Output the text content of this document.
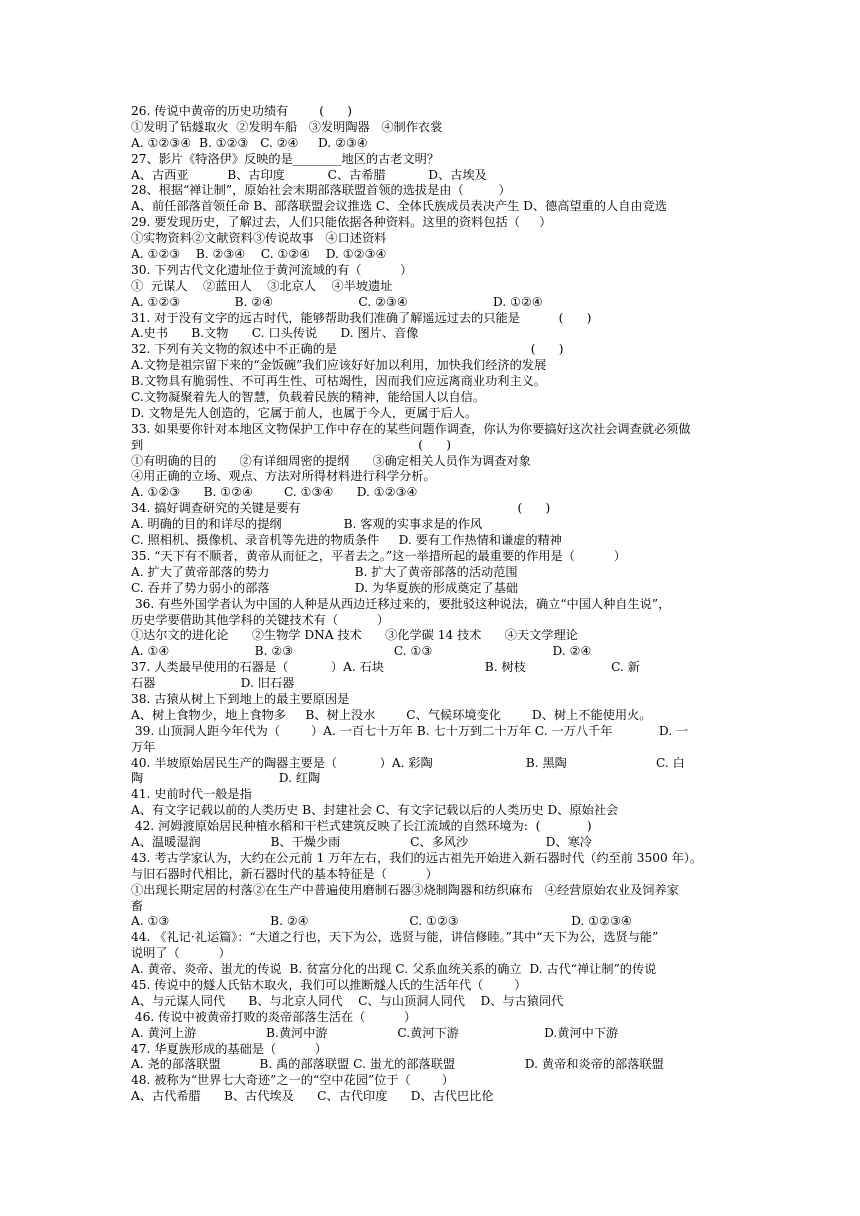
26. 传说中黄帝的历史功绩有        (      )
①发明了钻燧取火  ②发明车船   ③发明陶器   ④制作衣裳
A. ①②③④  B. ①②③   C. ②④     D. ②③④
27、影片《特洛伊》反映的是________地区的古老文明？
A、古西亚          B、古印度           C、古希腊           D、古埃及
28、根据“禅让制”，原始社会末期部落联盟首领的选拔是由（         ）
A、前任部落首领任命 B、部落联盟会议推选 C、全体氏族成员表决产生 D、德高望重的人自由竞选
29. 要发现历史，了解过去，人们只能依据各种资料。这里的资料包括（     ）
①实物资料②文献资料③传说故事   ④口述资料
A. ①②③    B. ②③④    C. ①②④    D. ①②③④
30. 下列古代文化遗址位于黄河流域的有（          ）
①  元谋人    ②蓝田人    ③北京人    ④半坡遗址
A. ①②③              B. ②④                      C. ②③④                      D. ①②④
31. 对于没有文字的远古时代，能够帮助我们准确了解遥远过去的只能是          (      )
A.史书      B.文物      C. 口头传说      D. 图片、音像
32. 下列有关文物的叙述中不正确的是                                                  (      )
A.文物是祖宗留下来的“金饭碗”我们应该好好加以利用，加快我们经济的发展
B.文物具有脆弱性、不可再生性、可枯竭性，因而我们应远离商业功利主义。
C.文物凝聚着先人的智慧，负载着民族的精神，能给国人以自信。
D. 文物是先人创造的，它属于前人，也属于今人，更属于后人。
33. 如果要你针对本地区文物保护工作中存在的某些问题作调查，你认为你要搞好这次社会调查就必须做
到                                                                       (      )
①有明确的目的      ②有详细周密的提纲      ③确定相关人员作为调查对象
④用正确的立场、观点、方法对所得材料进行科学分析。
A. ①②③      B. ①②④        C. ①③④      D. ①②③④
34. 搞好调查研究的关键是要有                                                        (      )
A. 明确的目的和详尽的提纲                B. 客观的实事求是的作风
C. 照相机、摄像机、录音机等先进的物质条件     D. 要有工作热情和谦虚的精神
35. “天下有不顺者，黄帝从而征之，平者去之。”这一举措所起的最重要的作用是（          ）
A. 扩大了黄帝部落的势力                      B. 扩大了黄帝部落的活动范围
C. 吞并了势力弱小的部落                      D. 为华夏族的形成奠定了基础
36. 有些外国学者认为中国的人种是从西边迁移过来的，要批驳这种说法，确立“中国人种自生说”，
历史学要借助其他学科的关键技术有（          ）
①达尔文的进化论      ②生物学 DNA 技术      ③化学碳 14 技术      ④天文学理论
A. ①④                      B. ②③                          C. ①③                               D. ②④
37. 人类最早使用的石器是（           ）A. 石块                          B. 树枝                      C. 新
石器                      D. 旧石器
38. 古猿从树上下到地上的最主要原因是
A、树上食物少，地上食物多     B、树上没水        C、气候环境变化        D、树上不能使用火。
39. 山顶洞人距今年代为（        ）A. 一百七十万年 B. 七十万到二十万年 C. 一万八千年            D. 一
万年
40. 半坡原始居民生产的陶器主要是（           ）A. 彩陶                        B. 黑陶                       C. 白
陶                                   D. 红陶
41. 史前时代一般是指
A、有文字记载以前的人类历史 B、封建社会 C、有文字记载以后的人类历史 D、原始社会
42. 河姆渡原始居民种植水稻和干栏式建筑反映了长江流域的自然环境为:  (            )
A、温暖湿润                  B、干燥少雨                  C、多风沙                    D、寒冷
43. 考古学家认为，大约在公元前 1 万年左右，我们的远古祖先开始进入新石器时代（约至前 3500 年）。
与旧石器时代相比，新石器时代的基本特征是（          ）
①出现长期定居的村落②在生产中普遍使用磨制石器③烧制陶器和纺织麻布   ④经营原始农业及饲养家
畜
A. ①③                          B. ②④                          C. ①②③                             D. ①②③④
44. 《礼记·礼运篇》：“大道之行也，天下为公，选贤与能，讲信修睦。”其中“天下为公，选贤与能”
说明了（          ）
A. 黄帝、炎帝、蚩尤的传说  B. 贫富分化的出现 C. 父系血统关系的确立  D. 古代“禅让制”的传说
45. 传说中的燧人氏钻木取火，我们可以推断燧人氏的生活年代（        ）
A、与元谋人同代      B、与北京人同代    C、与山顶洞人同代    D、与古猿同代
46. 传说中被黄帝打败的炎帝部落生活在（          ）
A. 黄河上游                  B.黄河中游                  C.黄河下游                      D.黄河中下游
47. 华夏族形成的基础是（          ）
A. 尧的部落联盟          B. 禹的部落联盟 C. 蚩尤的部落联盟                  D. 黄帝和炎帝的部落联盟
48. 被称为“世界七大奇迹”之一的“空中花园”位于（        ）
A、古代希腊      B、古代埃及      C、古代印度      D、古代巴比伦
